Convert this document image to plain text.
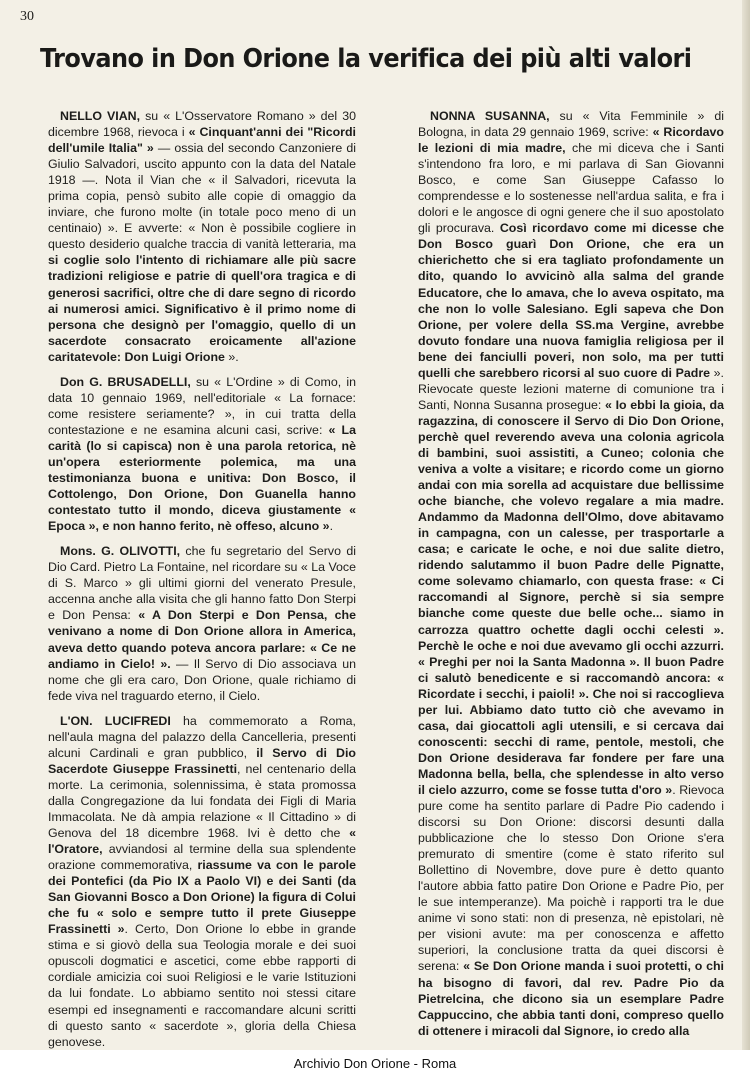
30
Trovano in Don Orione la verifica dei più alti valori

NELLO VIAN, su « L'Osservatore Romano » del 30 dicembre 1968, rievoca i « Cinquant'anni dei "Ricordi dell'umile Italia" » — ossia del secondo Canzoniere di Giulio Salvadori, uscito appunto con la data del Natale 1918 —. Nota il Vian che « il Salvadori, ricevuta la prima copia, pensò subito alle copie di omaggio da inviare, che furono molte (in totale poco meno di un centinaio) ». E avverte: « Non è possibile cogliere in questo desiderio qualche traccia di vanità letteraria, ma si coglie solo l'intento di richiamare alle più sacre tradizioni religiose e patrie di quell'ora tragica e di generosi sacrifici, oltre che di dare segno di ricordo ai numerosi amici. Significativo è il primo nome di persona che designò per l'omaggio, quello di un sacerdote consacrato eroicamente all'azione caritatevole: Don Luigi Orione ».

Don G. BRUSADELLI, su « L'Ordine » di Como, in data 10 gennaio 1969, nell'editoriale « La fornace: come resistere seriamente? », in cui tratta della contestazione e ne esamina alcuni casi, scrive: « La carità (lo si capisca) non è una parola retorica, nè un'opera esteriormente polemica, ma una testimonianza buona e unitiva: Don Bosco, il Cottolengo, Don Orione, Don Guanella hanno contestato tutto il mondo, diceva giustamente « Epoca », e non hanno ferito, nè offeso, alcuno ».

Mons. G. OLIVOTTI, che fu segretario del Servo di Dio Card. Pietro La Fontaine, nel ricordare su « La Voce di S. Marco » gli ultimi giorni del venerato Presule, accenna anche alla visita che gli hanno fatto Don Sterpi e Don Pensa: « A Don Sterpi e Don Pensa, che venivano a nome di Don Orione allora in America, aveva detto quando poteva ancora parlare: « Ce ne andiamo in Cielo! ». — Il Servo di Dio associava un nome che gli era caro, Don Orione, quale richiamo di fede viva nel traguardo eterno, il Cielo.

L'ON. LUCIFREDI ha commemorato a Roma, nell'aula magna del palazzo della Cancelleria, presenti alcuni Cardinali e gran pubblico, il Servo di Dio Sacerdote Giuseppe Frassinetti, nel centenario della morte. La cerimonia, solennissima, è stata promossa dalla Congregazione da lui fondata dei Figli di Maria Immacolata. Ne dà ampia relazione « Il Cittadino » di Genova del 18 dicembre 1968. Ivi è detto che « l'Oratore, avviandosi al termine della sua splendente orazione commemorativa, riassume va con le parole dei Pontefici (da Pio IX a Paolo VI) e dei Santi (da San Giovanni Bosco a Don Orione) la figura di Colui che fu « solo e sempre tutto il prete Giuseppe Frassinetti ». Certo, Don Orione lo ebbe in grande stima e si giovò della sua Teologia morale e dei suoi opuscoli dogmatici e ascetici, come ebbe rapporti di cordiale amicizia coi suoi Religiosi e le varie Istituzioni da lui fondate. Lo abbiamo sentito noi stessi citare esempi ed insegnamenti e raccomandare alcuni scritti di questo santo « sacerdote », gloria della Chiesa genovese.

NONNA SUSANNA, su « Vita Femminile » di Bologna, in data 29 gennaio 1969, scrive: « Ricordavo le lezioni di mia madre, che mi diceva che i Santi s'intendono fra loro, e mi parlava di San Giovanni Bosco, e come San Giuseppe Cafasso lo comprendesse e lo sostenesse nell'ardua salita, e fra i dolori e le angosce di ogni genere che il suo apostolato gli procurava. Così ricordavo come mi dicesse che Don Bosco guarì Don Orione, che era un chierichetto che si era tagliato profondamente un dito, quando lo avvicinò alla salma del grande Educatore, che lo amava, che lo aveva ospitato, ma che non lo volle Salesiano. Egli sapeva che Don Orione, per volere della SS.ma Vergine, avrebbe dovuto fondare una nuova famiglia religiosa per il bene dei fanciulli poveri, non solo, ma per tutti quelli che sarebbero ricorsi al suo cuore di Padre ». Rievocate queste lezioni materne di comunione tra i Santi, Nonna Susanna prosegue: « Io ebbi la gioia, da ragazzina, di conoscere il Servo di Dio Don Orione, perchè quel reverendo aveva una colonia agricola di bambini, suoi assistiti, a Cuneo; colonia che veniva a volte a visitare; e ricordo come un giorno andai con mia sorella ad acquistare due bellissime oche bianche, che volevo regalare a mia madre. Andammo da Madonna dell'Olmo, dove abitavamo in campagna, con un calesse, per trasportarle a casa; e caricate le oche, e noi due salite dietro, ridendo salutammo il buon Padre delle Pignatte, come solevamo chiamarlo, con questa frase: « Ci raccomandi al Signore, perchè si sia sempre bianche come queste due belle oche... siamo in carrozza quattro ochette dagli occhi celesti ». Perchè le oche e noi due avevamo gli occhi azzurri. « Preghi per noi la Santa Madonna ». Il buon Padre ci salutò benedicente e si raccomandò ancora: « Ricordate i secchi, i paioli! ». Che noi si raccoglieva per lui. Abbiamo dato tutto ciò che avevamo in casa, dai giocattoli agli utensili, e si cercava dai conoscenti: secchi di rame, pentole, mestoli, che Don Orione desiderava far fondere per fare una Madonna bella, bella, che splendesse in alto verso il cielo azzurro, come se fosse tutta d'oro ». Rievoca pure come ha sentito parlare di Padre Pio cadendo i discorsi su Don Orione: discorsi desunti dalla pubblicazione che lo stesso Don Orione s'era premurato di smentire (come è stato riferito sul Bollettino di Novembre, dove pure è detto quanto l'autore abbia fatto patire Don Orione e Padre Pio, per le sue intemperanze). Ma poichè i rapporti tra le due anime vi sono stati: non di presenza, nè epistolari, nè per visioni avute: ma per conoscenza e affetto superiori, la conclusione tratta da quei discorsi è serena: « Se Don Orione manda i suoi protetti, o chi ha bisogno di favori, dal rev. Padre Pio da Pietrelcina, che dicono sia un esemplare Padre Cappuccino, che abbia tanti doni, compreso quello di ottenere i miracoli dal Signore, io credo alla

Archivio Don Orione - Roma
